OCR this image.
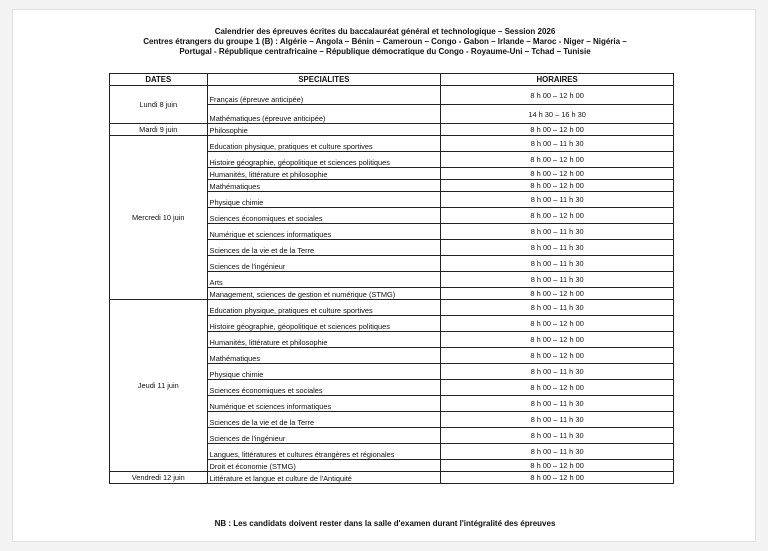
Calendrier des épreuves écrites du baccalauréat général et technologique – Session 2026
Centres étrangers du groupe 1 (B) : Algérie – Angola – Bénin – Cameroun – Congo - Gabon – Irlande – Maroc - Niger – Nigéria –
Portugal - République centrafricaine – République démocratique du Congo - Royaume-Uni – Tchad – Tunisie
DATES	SPECIALITES	HORAIRES
Lundi 8 juin	Français (épreuve anticipée)	8 h 00 – 12 h 00
	Mathématiques (épreuve anticipée)	14 h 30 – 16 h 30
Mardi 9 juin	Philosophie	8 h 00 – 12 h 00
Mercredi 10 juin	Education physique, pratiques et culture sportives	8 h 00 – 11 h 30
	Histoire géographie, géopolitique et sciences politiques	8 h 00 – 12 h 00
	Humanités, littérature et philosophie	8 h 00 – 12 h 00
	Mathématiques	8 h 00 – 12 h 00
	Physique chimie	8 h 00 – 11 h 30
	Sciences économiques et sociales	8 h 00 – 12 h 00
	Numérique et sciences informatiques	8 h 00 – 11 h 30
	Sciences de la vie et de la Terre	8 h 00 – 11 h 30
	Sciences de l'ingénieur	8 h 00 – 11 h 30
	Arts	8 h 00 – 11 h 30
	Management, sciences de gestion et numérique (STMG)	8 h 00 – 12 h 00
Jeudi 11 juin	Education physique, pratiques et culture sportives	8 h 00 – 11 h 30
	Histoire géographie, géopolitique et sciences politiques	8 h 00 – 12 h 00
	Humanités, littérature et philosophie	8 h 00 – 12 h 00
	Mathématiques	8 h 00 – 12 h 00
	Physique chimie	8 h 00 – 11 h 30
	Sciences économiques et sociales	8 h 00 – 12 h 00
	Numérique et sciences informatiques	8 h 00 – 11 h 30
	Sciences de la vie et de la Terre	8 h 00 – 11 h 30
	Sciences de l'ingénieur	8 h 00 – 11 h 30
	Langues, littératures et cultures étrangères et régionales	8 h 00 – 11 h 30
	Droit et économie (STMG)	8 h 00 – 12 h 00
Vendredi 12 juin	Littérature et langue et culture de l'Antiquité	8 h 00 – 12 h 00
NB : Les candidats doivent rester dans la salle d'examen durant l'intégralité des épreuves
